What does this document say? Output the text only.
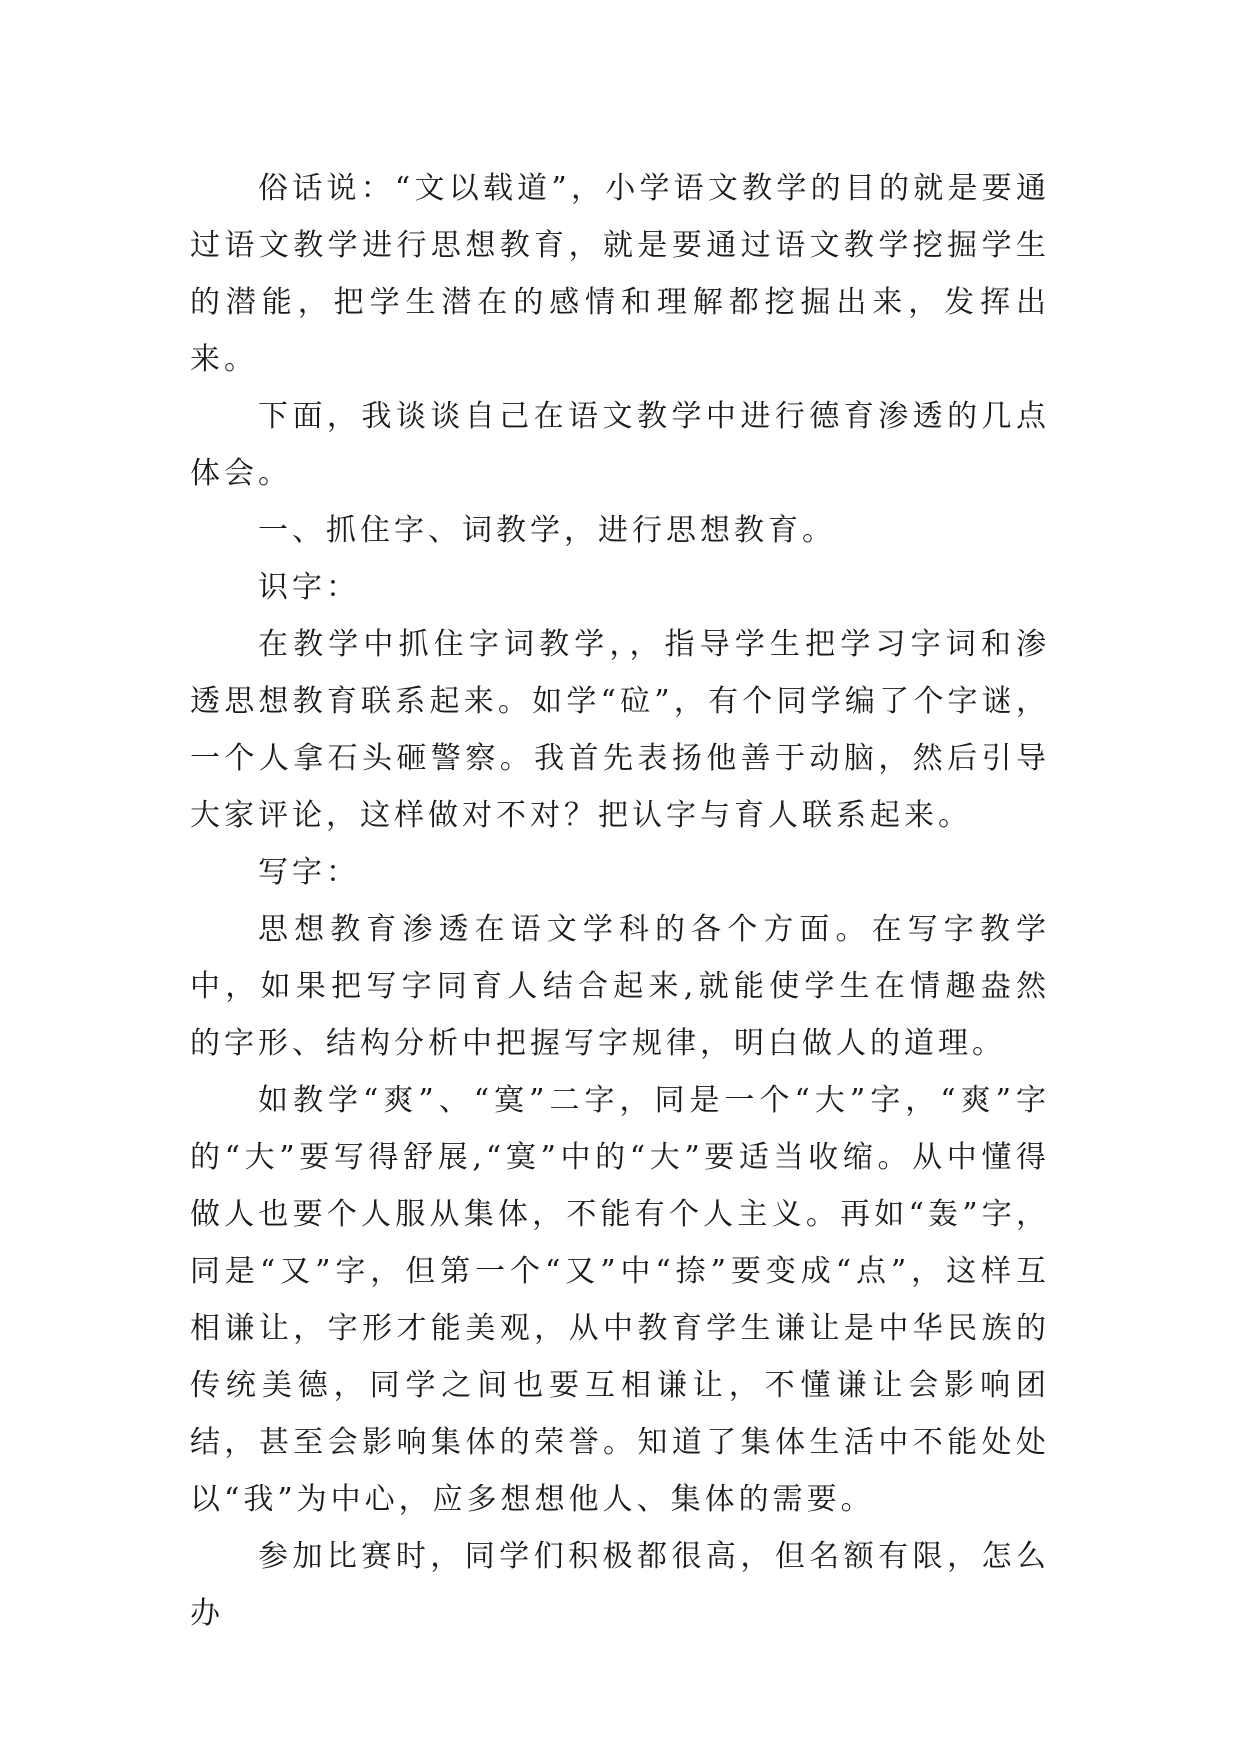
俗话说：“文以载道”，小学语文教学的目的就是要通过语文教学进行思想教育，就是要通过语文教学挖掘学生的潜能，把学生潜在的感情和理解都挖掘出来，发挥出来。

下面，我谈谈自己在语文教学中进行德育渗透的几点体会。

一、抓住字、词教学，进行思想教育。

识字：

在教学中抓住字词教学，，指导学生把学习字词和渗透思想教育联系起来。如学“砬”，有个同学编了个字谜，一个人拿石头砸警察。我首先表扬他善于动脑，然后引导大家评论，这样做对不对？把认字与育人联系起来。

写字：

思想教育渗透在语文学科的各个方面。在写字教学中，如果把写字同育人结合起来,就能使学生在情趣盎然的字形、结构分析中把握写字规律，明白做人的道理。

如教学“爽”、“寞”二字，同是一个“大”字，“爽”字的“大”要写得舒展,“寞”中的“大”要适当收缩。从中懂得做人也要个人服从集体，不能有个人主义。再如“轰”字，同是“又”字，但第一个“又”中“捺”要变成“点”，这样互相谦让，字形才能美观，从中教育学生谦让是中华民族的传统美德，同学之间也要互相谦让，不懂谦让会影响团结，甚至会影响集体的荣誉。知道了集体生活中不能处处以“我”为中心，应多想想他人、集体的需要。

参加比赛时，同学们积极都很高，但名额有限，怎么办
